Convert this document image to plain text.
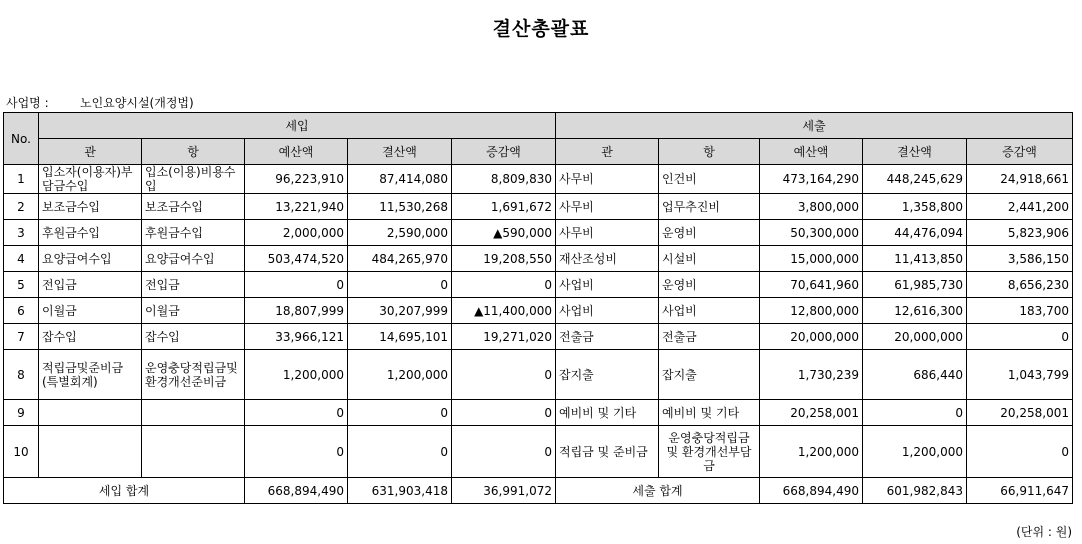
결산총괄표
사업명 :	노인요양시설(개정법)
No.	세입					세출				
	관	항	예산액	결산액	증감액	관	항	예산액	결산액	증감액
1	입소자(이용자)부담금수입	입소(이용)비용수입	96,223,910	87,414,080	8,809,830	사무비	인건비	473,164,290	448,245,629	24,918,661
2	보조금수입	보조금수입	13,221,940	11,530,268	1,691,672	사무비	업무추진비	3,800,000	1,358,800	2,441,200
3	후원금수입	후원금수입	2,000,000	2,590,000	▲590,000	사무비	운영비	50,300,000	44,476,094	5,823,906
4	요양급여수입	요양급여수입	503,474,520	484,265,970	19,208,550	재산조성비	시설비	15,000,000	11,413,850	3,586,150
5	전입금	전입금	0	0	0	사업비	운영비	70,641,960	61,985,730	8,656,230
6	이월금	이월금	18,807,999	30,207,999	▲11,400,000	사업비	사업비	12,800,000	12,616,300	183,700
7	잡수입	잡수입	33,966,121	14,695,101	19,271,020	전출금	전출금	20,000,000	20,000,000	0
8	적립금및준비금(특별회계)	운영충당적립금및환경개선준비금	1,200,000	1,200,000	0	잡지출	잡지출	1,730,239	686,440	1,043,799
9			0	0	0	예비비 및 기타	예비비 및 기타	20,258,001	0	20,258,001
10			0	0	0	적립금 및 준비금	운영충당적립금 및 환경개선부담금	1,200,000	1,200,000	0
세입 합계			668,894,490	631,903,418	36,991,072	세출 합계		668,894,490	601,982,843	66,911,647
(단위 : 원)
